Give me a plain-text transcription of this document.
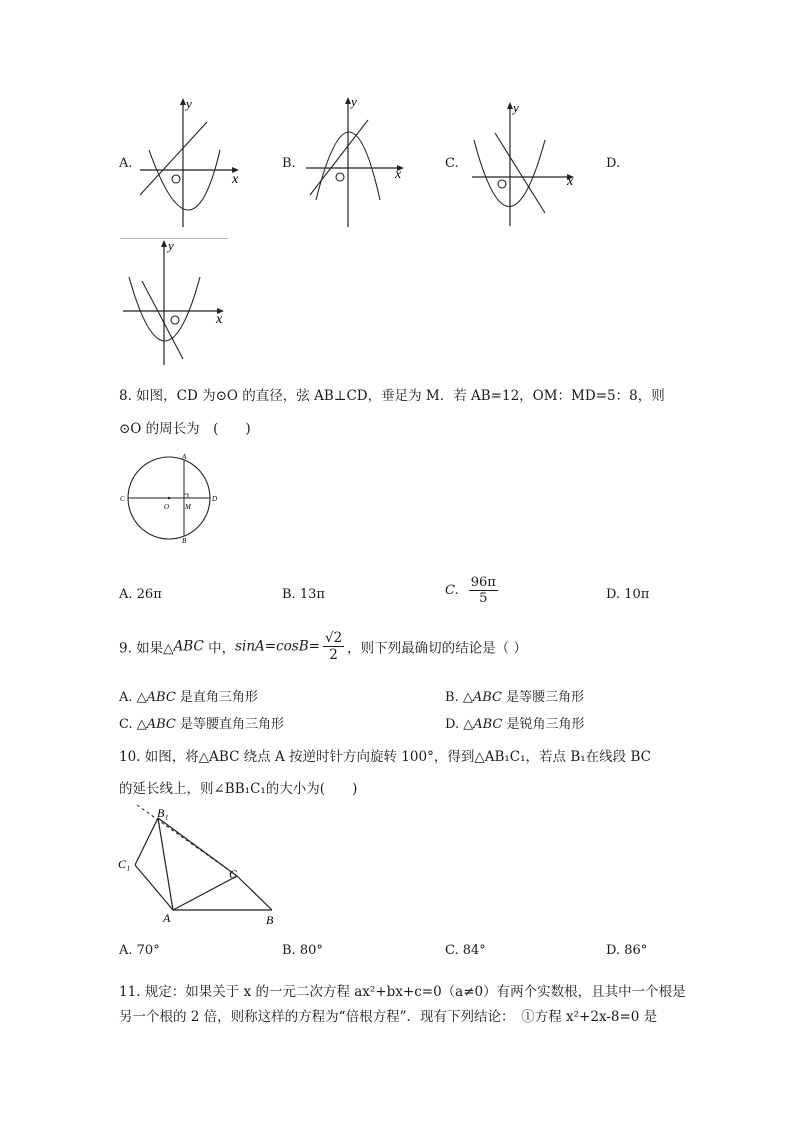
A.
x
y
B.
x
y
C.
x
y
D.
x
y
8. 如图，CD 为⊙O 的直径，弦 AB⊥CD，垂足为 M．若 AB=12，OM：MD=5：8，则
⊙O 的周长为　(　　)
C	D
A
B
O M
A. 26π	B. 13π	C. $\frac{96\pi}{5}$	D. 10π
9. 如果△ABC 中，$\sin A=\cos B= \frac{√2}{2}$ ，则下列最确切的结论是（ ）
A. △ABC 是直角三角形	B. △ABC 是等腰三角形
C. △ABC 是等腰直角三角形	D. △ABC 是锐角三角形
10. 如图，将△ABC 绕点 A 按逆时针方向旋转 100°，得到△AB₁C₁，若点 B₁在线段 BC
的延长线上，则∠BB₁C₁的大小为(　　)
B₁
C₁
A	B
C
A. 70°	B. 80°	C. 84°	D. 86°
11. 规定：如果关于 x 的一元二次方程 ax²+bx+c=0（a≠0）有两个实数根，且其中一个根是
另一个根的 2 倍，则称这样的方程为“倍根方程”．现有下列结论：　①方程 x²+2x-8=0 是
